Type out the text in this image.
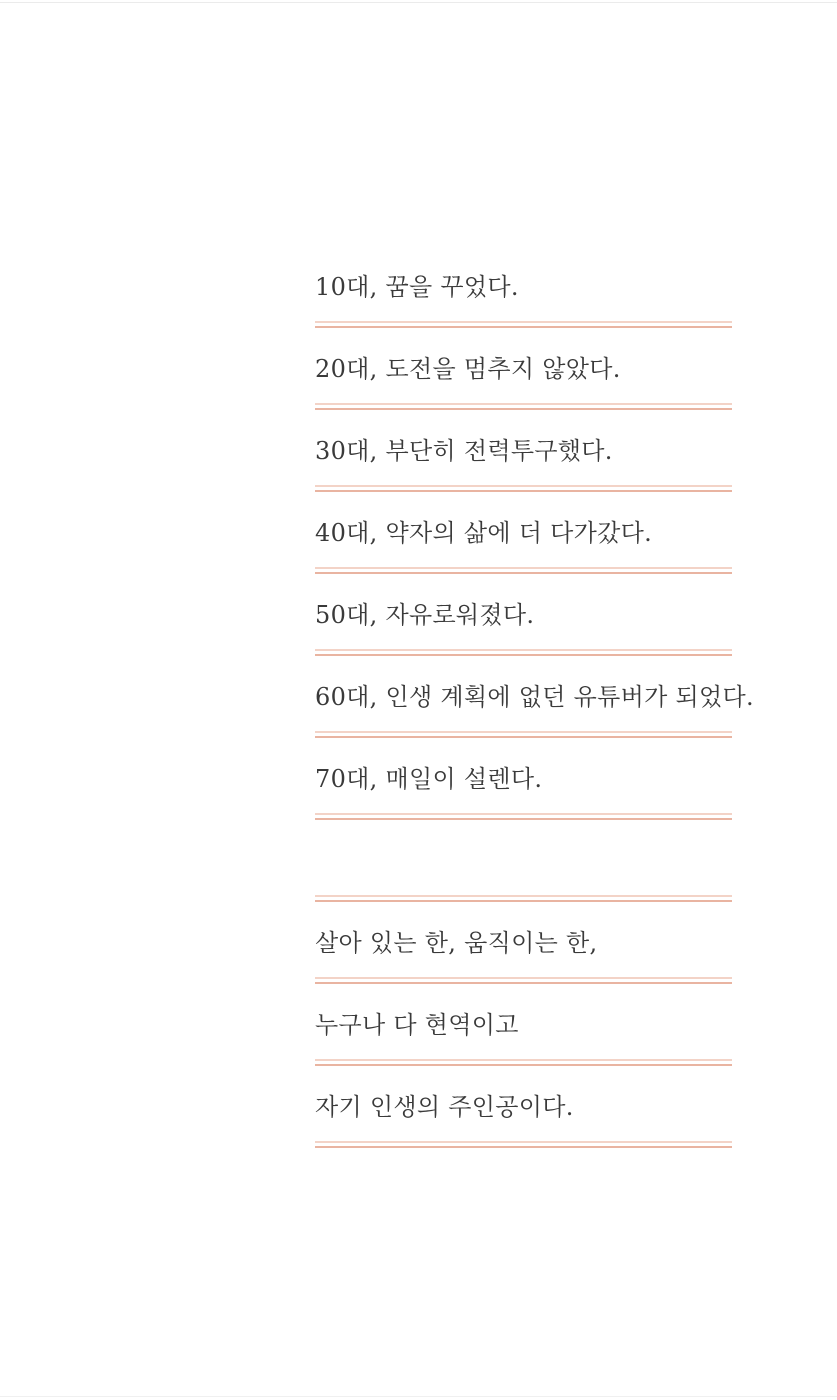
10대, 꿈을 꾸었다.

20대, 도전을 멈추지 않았다.

30대, 부단히 전력투구했다.

40대, 약자의 삶에 더 다가갔다.

50대, 자유로워졌다.

60대, 인생 계획에 없던 유튜버가 되었다.

70대, 매일이 설렌다.

살아 있는 한, 움직이는 한,

누구나 다 현역이고

자기 인생의 주인공이다.
